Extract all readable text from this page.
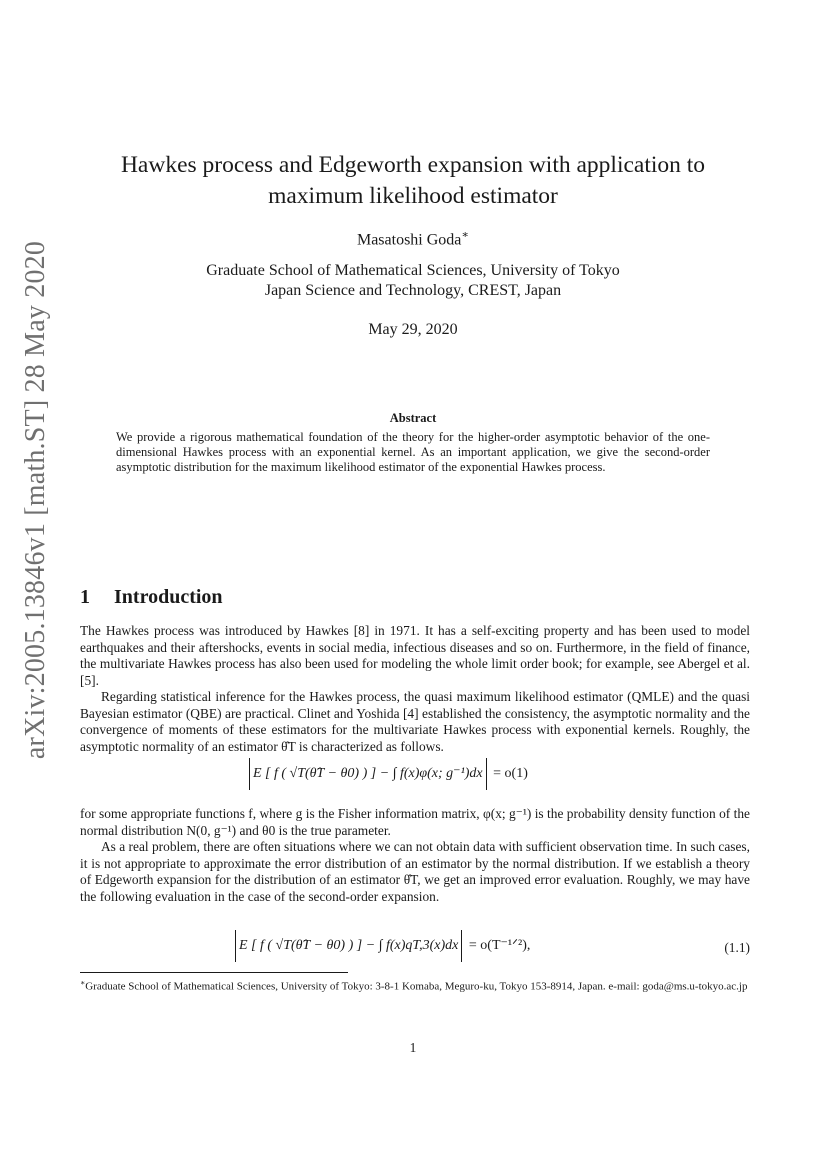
arXiv:2005.13846v1 [math.ST] 28 May 2020
Hawkes process and Edgeworth expansion with application to
maximum likelihood estimator
Masatoshi Goda∗
Graduate School of Mathematical Sciences, University of Tokyo
Japan Science and Technology, CREST, Japan
May 29, 2020
Abstract
We provide a rigorous mathematical foundation of the theory for the higher-order asymptotic behavior of the one-dimensional Hawkes process with an exponential kernel. As an important application, we give the second-order asymptotic distribution for the maximum likelihood estimator of the exponential Hawkes process.
1 Introduction

The Hawkes process was introduced by Hawkes [8] in 1971. It has a self-exciting property and has been used to model earthquakes and their aftershocks, events in social media, infectious diseases and so on. Furthermore, in the field of finance, the multivariate Hawkes process has also been used for modeling the whole limit order book; for example, see Abergel et al. [5].

Regarding statistical inference for the Hawkes process, the quasi maximum likelihood estimator (QMLE) and the quasi Bayesian estimator (QBE) are practical. Clinet and Yoshida [4] established the consistency, the asymptotic normality and the convergence of moments of these estimators for the multivariate Hawkes process with exponential kernels. Roughly, the asymptotic normality of an estimator θ̂T is characterized as follows.

E [ f ( √T(θ̂T − θ0) ) ] − ∫ f(x)φ(x; g⁻¹)dx = o(1)

for some appropriate functions f, where g is the Fisher information matrix, φ(x; g⁻¹) is the probability density function of the normal distribution N(0, g⁻¹) and θ0 is the true parameter.

As a real problem, there are often situations where we can not obtain data with sufficient observation time. In such cases, it is not appropriate to approximate the error distribution of an estimator by the normal distribution. If we establish a theory of Edgeworth expansion for the distribution of an estimator θ̂T, we get an improved error evaluation. Roughly, we may have the following evaluation in the case of the second-order expansion.

E [ f ( √T(θ̂T − θ0) ) ] − ∫ f(x)qT,3(x)dx = o(T⁻¹ᐟ²),	(1.1)
∗Graduate School of Mathematical Sciences, University of Tokyo: 3-8-1 Komaba, Meguro-ku, Tokyo 153-8914, Japan. e-mail: goda@ms.u-tokyo.ac.jp
1
